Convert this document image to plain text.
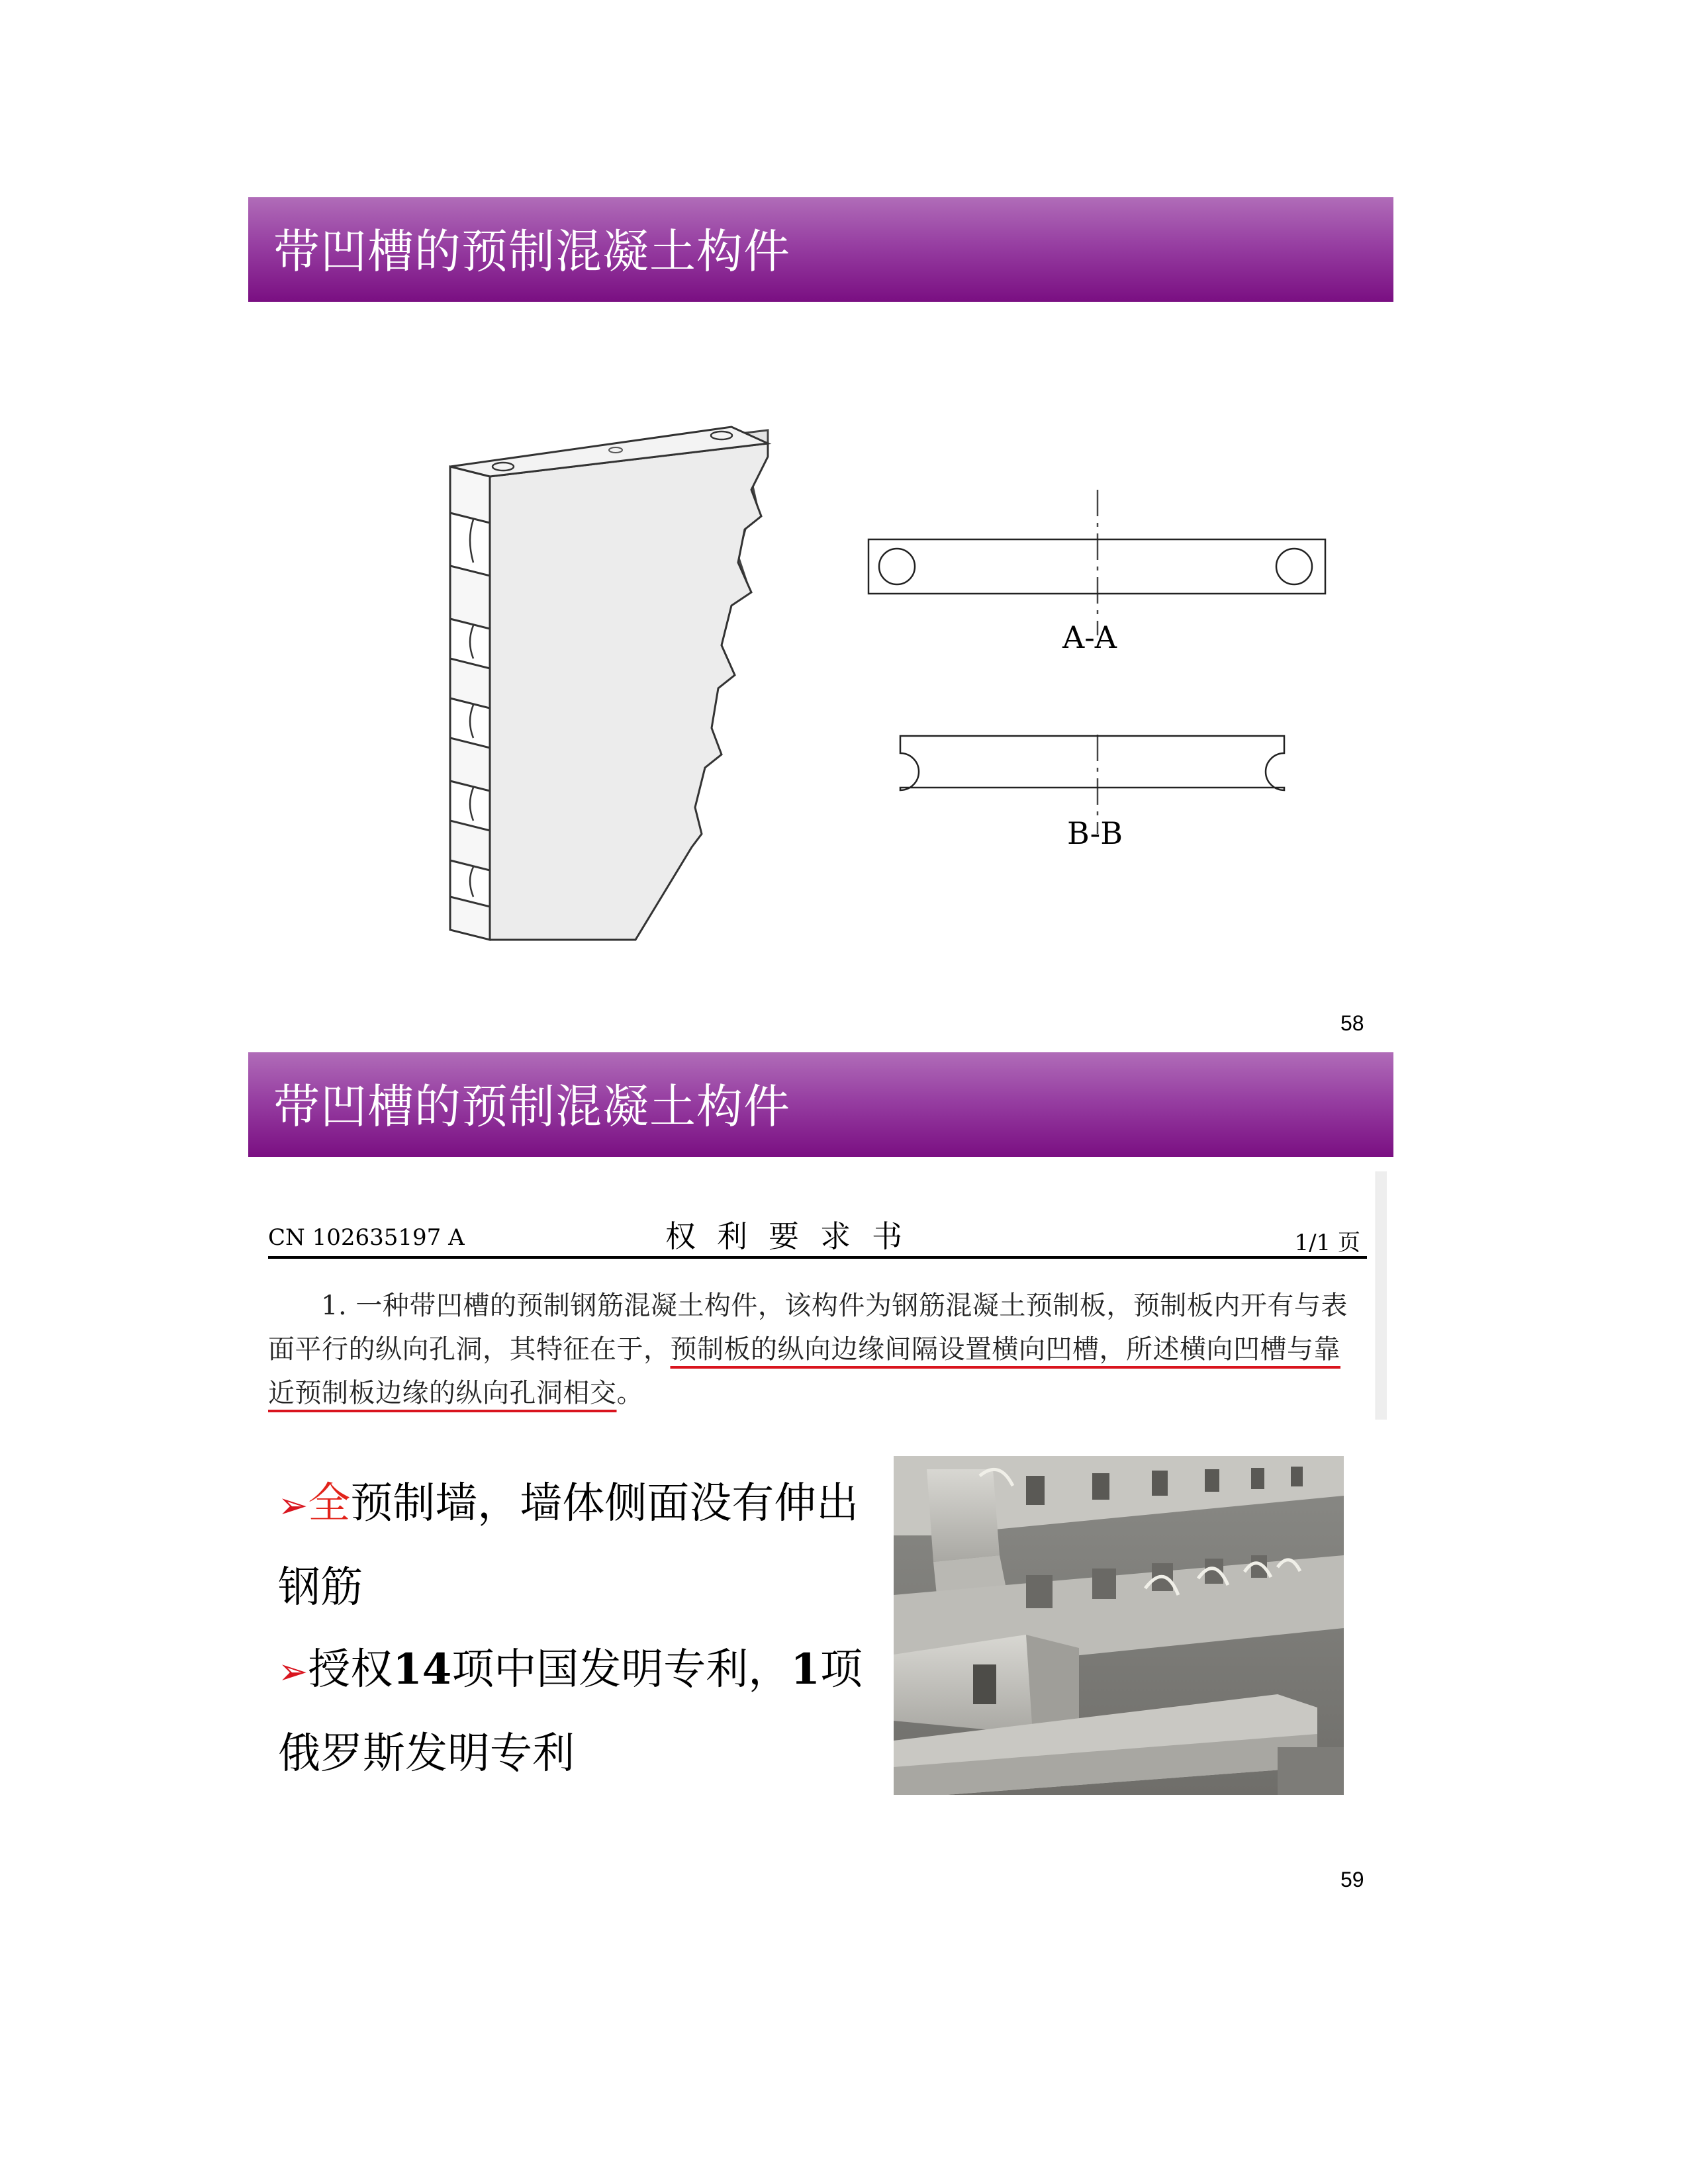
带凹槽的预制混凝土构件
A-A
B-B
58
带凹槽的预制混凝土构件
CN 102635197 A	权利要求书	1/1 页
1. 一种带凹槽的预制钢筋混凝土构件，该构件为钢筋混凝土预制板，预制板内开有与表面平行的纵向孔洞，其特征在于，预制板的纵向边缘间隔设置横向凹槽，所述横向凹槽与靠近预制板边缘的纵向孔洞相交。
➢全预制墙，墙体侧面没有伸出钢筋
➢授权14项中国发明专利，1项俄罗斯发明专利
59
